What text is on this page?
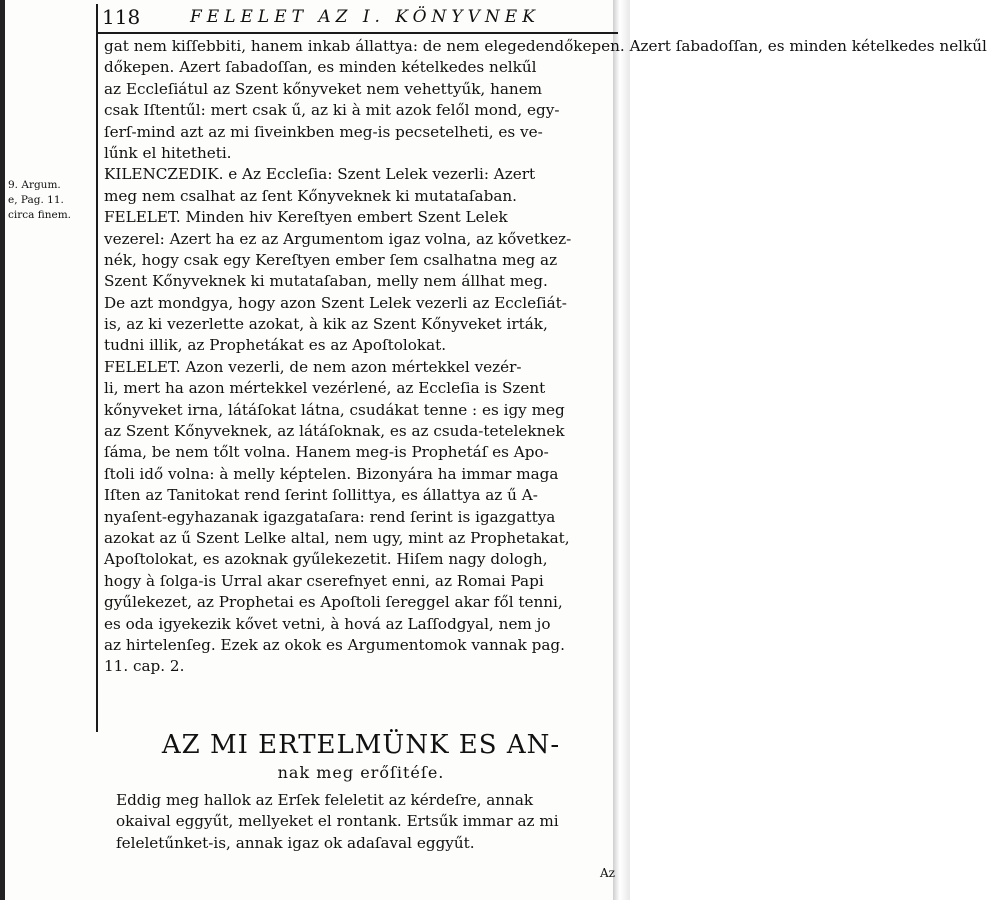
118	FELELET AZ I. KÖNYVNEK
9. Argum.
e, Pag. 11.
circa finem.
gat nem kiſſebbiti, hanem inkab állattya: de nem elegedendőkepen. Azert ſabadoſſan, es minden kételkedes nelkűl
dőkepen. Azert ſabadoſſan, es minden kételkedes nelkűl
az Eccleſiátul az Szent kőnyveket nem vehettyűk, hanem
csak Iſtentűl: mert csak ű, az ki à mit azok felől mond, egy-
ſerſ-mind azt az mi ſiveinkben meg-is pecsetelheti, es ve-
lűnk el hitetheti.
KILENCZEDIK. e Az Eccleſia: Szent Lelek vezerli: Azert
meg nem csalhat az ſent Kőnyveknek ki mutataſaban.
FELELET. Minden hiv Kereſtyen embert Szent Lelek
vezerel: Azert ha ez az Argumentom igaz volna, az kővetkez-
nék, hogy csak egy Kereſtyen ember ſem csalhatna meg az
Szent Kőnyveknek ki mutataſaban, melly nem állhat meg.
De azt mondgya, hogy azon Szent Lelek vezerli az Eccleſiát-
is, az ki vezerlette azokat, à kik az Szent Kőnyveket irták,
tudni illik, az Prophetákat es az Apoſtolokat.
FELELET. Azon vezerli, de nem azon mértekkel vezér-
li, mert ha azon mértekkel vezérlené, az Eccleſia is Szent
kőnyveket irna, látáſokat látna, csudákat tenne : es igy meg
az Szent Kőnyveknek, az látáſoknak, es az csuda-teteleknek
ſáma, be nem tőlt volna. Hanem meg-is Prophetáſ es Apo-
ſtoli idő volna: à melly képtelen. Bizonyára ha immar maga
Iſten az Tanitokat rend ſerint ſollittya, es állattya az ű A-
nyaſent-egyhazanak igazgataſara: rend ſerint is igazgattya
azokat az ű Szent Lelke altal, nem ugy, mint az Prophetakat,
Apoſtolokat, es azoknak gyűlekezetit. Hiſem nagy dologh,
hogy à ſolga-is Urral akar cserefnyet enni, az Romai Papi
gyűlekezet, az Prophetai es Apoſtoli ſereggel akar fől tenni,
es oda igyekezik kővet vetni, à hová az Laſſodgyal, nem jo
az hirtelenſeg. Ezek az okok es Argumentomok vannak pag.
11. cap. 2.
AZ MI ERTELMÜNK ES AN-
nak meg erőſitéſe.
Eddig meg hallok az Erſek feleletit az kérdeſre, annak
okaival eggyűt, mellyeket el rontank. Ertsűk immar az mi
feleletűnket-is, annak igaz ok adaſaval eggyűt.
Az
